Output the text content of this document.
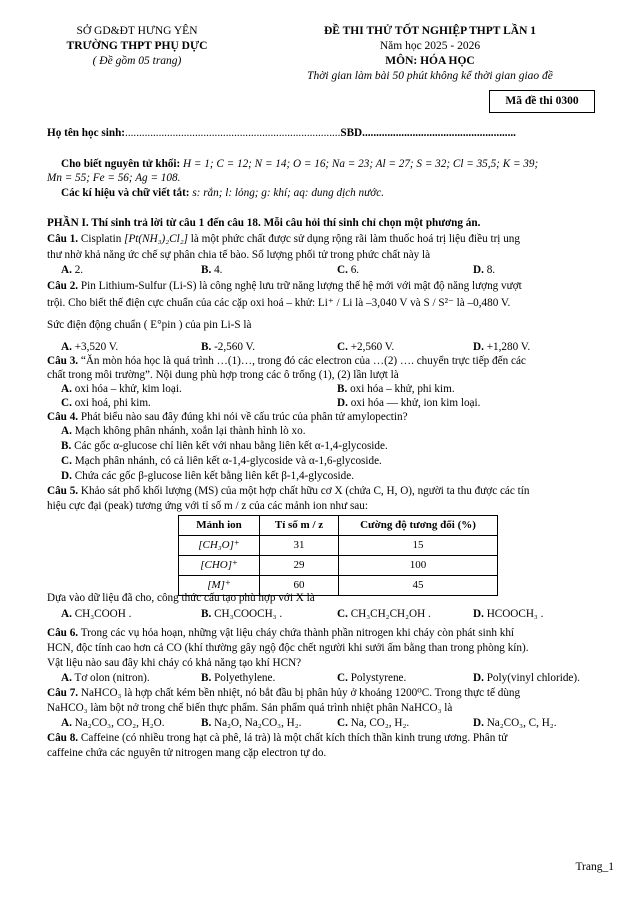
SỞ GD&ĐT HƯNG YÊN
TRƯỜNG THPT PHỤ DỰC
( Đề gồm 05 trang)
ĐỀ THI THỬ TỐT NGHIỆP THPT LẦN 1
Năm học 2025 - 2026
MÔN: HÓA HỌC
Thời gian làm bài 50 phút không kể thời gian giao đề
Mã đề thi 0300
Họ tên học sinh:.............................................................................SBD.......................................................
Cho biết nguyên tử khối: H = 1; C = 12; N = 14; O = 16; Na = 23; Al = 27; S = 32; Cl = 35,5; K = 39;
Mn = 55; Fe = 56; Ag = 108.
Các kí hiệu và chữ viết tắt: s: rắn; l: lỏng; g: khí; aq: dung dịch nước.
PHẦN I. Thí sinh trả lời từ câu 1 đến câu 18. Mỗi câu hỏi thí sinh chỉ chọn một phương án.
Câu 1. Cisplatin [Pt(NH₃)₂Cl₂] là một phức chất được sử dụng rộng rãi làm thuốc hoá trị liệu điều trị ung
thư nhờ khả năng ức chế sự phân chia tế bào. Số lượng phối tử trong phức chất này là
A. 2.	B. 4.	C. 6.	D. 8.
Câu 2. Pin Lithium-Sulfur (Li-S) là công nghệ lưu trữ năng lượng thế hệ mới với mật độ năng lượng vượt
trội. Cho biết thế điện cực chuẩn của các cặp oxi hoá – khử: Li⁺ / Li là –3,040 V và S / S²⁻ là –0,480 V.
Sức điện động chuẩn ( E°pin ) của pin Li-S là
A. +3,520 V.	B. -2,560 V.	C. +2,560 V.	D. +1,280 V.
Câu 3. “Ăn mòn hóa học là quá trình …(1)…, trong đó các electron của …(2) …. chuyển trực tiếp đến các
chất trong môi trường”. Nội dung phù hợp trong các ô trống (1), (2) lần lượt là
A. oxi hóa – khử, kim loại.	B. oxi hóa – khử, phi kim.
C. oxi hoá, phi kim.	D. oxi hóa — khử, ion kim loại.
Câu 4. Phát biểu nào sau đây đúng khi nói về cấu trúc của phân tử amylopectin?
A. Mạch không phân nhánh, xoắn lại thành hình lò xo.
B. Các gốc α-glucose chỉ liên kết với nhau bằng liên kết α-1,4-glycoside.
C. Mạch phân nhánh, có cả liên kết α-1,4-glycoside và α-1,6-glycoside.
D. Chứa các gốc β-glucose liên kết bằng liên kết β-1,4-glycoside.
Câu 5. Khảo sát phổ khối lượng (MS) của một hợp chất hữu cơ X (chứa C, H, O), người ta thu được các tín
hiệu cực đại (peak) tương ứng với tỉ số m / z của các mảnh ion như sau:
Mảnh ion	Tỉ số m / z	Cường độ tương đối (%)
[CH₃O]⁺	31	15
[CHO]⁺	29	100
[M]⁺	60	45
Dựa vào dữ liệu đã cho, công thức cấu tạo phù hợp với X là
A. CH₃COOH .	B. CH₃COOCH₃ .	C. CH₃CH₂CH₂OH .	D. HCOOCH₃ .
Câu 6. Trong các vụ hỏa hoạn, những vật liệu cháy chứa thành phần nitrogen khi cháy còn phát sinh khí
HCN, độc tính cao hơn cả CO (khí thường gây ngộ độc chết người khi sưởi ấm bằng than trong phòng kín).
Vật liệu nào sau đây khi cháy có khả năng tạo khí HCN?
A. Tơ olon (nitron).	B. Polyethylene.	C. Polystyrene.	D. Poly(vinyl chloride).
Câu 7. NaHCO₃ là hợp chất kém bền nhiệt, nó bắt đầu bị phân hủy ở khoảng 1200⁰C. Trong thực tế dùng
NaHCO₃ làm bột nở trong chế biến thực phẩm. Sản phẩm quá trình nhiệt phân NaHCO₃ là
A. Na₂CO₃, CO₂, H₂O.	B. Na₂O, Na₂CO₃, H₂.	C. Na, CO₂, H₂.	D. Na₂CO₃, C, H₂.
Câu 8. Caffeine (có nhiều trong hạt cà phê, lá trà) là một chất kích thích thần kinh trung ương. Phân tử
caffeine chứa các nguyên tử nitrogen mang cặp electron tự do.
Trang_1
